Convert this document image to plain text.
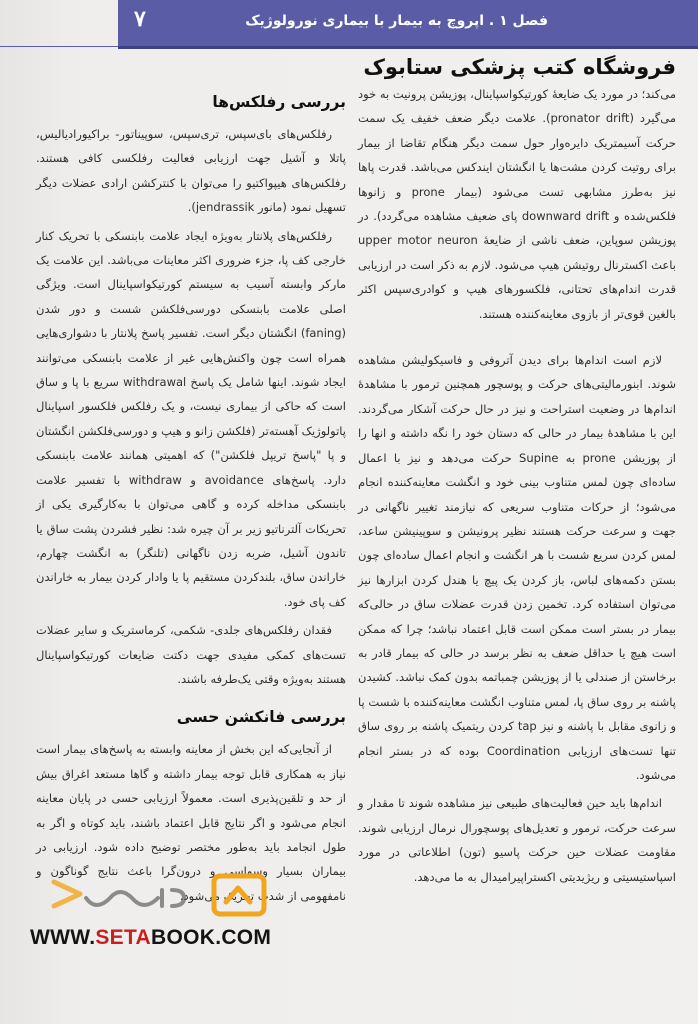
فصل ۱ . اپروچ به بیمار با بیماری نورولوژیک
۷
فروشگاه کتب پزشکی ستابوک

می‌کند؛ در مورد یک ضایعهٔ کورتیکواسپاینال، پوزیشن پرونیت به خود می‌گیرد (pronator drift). علامت دیگر ضعف خفیف یک سمت حرکت آسیمتریک دایره‌وار حول سمت دیگر هنگام تقاضا از بیمار برای روتیت کردن مشت‌ها یا انگشتان ایندکس می‌باشد. قدرت پاها نیز به‌طرز مشابهی تست می‌شود (بیمار prone و زانوها فلکس‌شده و downward drift پای ضعیف مشاهده می‌گردد). در پوزیشن سوپاین، ضعف ناشی از ضایعهٔ upper motor neuron باعث اکسترنال روتیشن هیپ می‌شود. لازم به ذکر است در ارزیابی قدرت اندام‌های تحتانی، فلکسورهای هیپ و کوادری‌سپس اکثر بالغین قوی‌تر از بازوی معاینه‌کننده هستند.

لازم است اندام‌ها برای دیدن آتروفی و فاسیکولیشن مشاهده شوند. ابنورمالیتی‌های حرکت و پوسچور همچنین ترمور با مشاهدهٔ اندام‌ها در وضعیت استراحت و نیز در حال حرکت آشکار می‌گردند. این با مشاهدهٔ بیمار در حالی که دستان خود را نگه داشته و انها را از پوزیشن prone به Supine حرکت می‌دهد و نیز با اعمال ساده‌ای چون لمس متناوب بینی خود و انگشت معاینه‌کننده انجام می‌شود؛ از حرکات متناوب سریعی که نیازمند تغییر ناگهانی در جهت و سرعت حرکت هستند نظیر پرونیشن و سوپینیشن ساعد، لمس کردن سریع شست با هر انگشت و انجام اعمال ساده‌ای چون بستن دکمه‌های لباس، باز کردن یک پیچ یا هندل کردن ابزارها نیز می‌توان استفاده کرد. تخمین زدن قدرت عضلات ساق در حالی‌که بیمار در بستر است ممکن است قابل اعتماد نباشد؛ چرا که ممکن است هیچ یا حداقل ضعف به نظر برسد در حالی که بیمار قادر به برخاستن از صندلی یا از پوزیشن چمباتمه بدون کمک نباشد. کشیدن پاشنه بر روی ساق پا، لمس متناوب انگشت معاینه‌کننده با شست پا و زانوی مقابل با پاشنه و نیز tap کردن ریتمیک پاشنه بر روی ساق تنها تست‌های ارزیابی Coordination بوده که در بستر انجام می‌شود.

اندام‌ها باید حین فعالیت‌های طبیعی نیز مشاهده شوند تا مقدار و سرعت حرکت، ترمور و تعدیل‌های پوسچورال نرمال ارزیابی شوند. مقاومت عضلات حین حرکت پاسیو (تون) اطلاعاتی در مورد اسپاستیسیتی و ریژیدیتی اکستراپیرامیدال به ما می‌دهد.

بررسی رفلکس‌ها

رفلکس‌های بای‌سپس، تری‌سپس، سوپیناتور- براکیورادیالیس، پاتلا و آشیل جهت ارزیابی فعالیت رفلکسی کافی هستند. رفلکس‌های هیپواکتیو را می‌توان با کنترکشن ارادی عضلات دیگر تسهیل نمود (مانور jendrassik).

رفلکس‌های پلانتار به‌ویژه ایجاد علامت بابنسکی با تحریک کنار خارجی کف پا، جزء ضروری اکثر معاینات می‌باشد. این علامت یک مارکر وابسته آسیب به سیستم کورتیکواسپاینال است. ویژگی اصلی علامت بابنسکی دورسی‌فلکشن شست و دور شدن (faning) انگشتان دیگر است. تفسیر پاسخ پلانتار با دشواری‌هایی همراه است چون واکنش‌هایی غیر از علامت بابنسکی می‌توانند ایجاد شوند. اینها شامل یک پاسخ withdrawal سریع با پا و ساق است که حاکی از بیماری نیست، و یک رفلکس فلکسور اسپاینال پاتولوژیک آهسته‌تر (فلکشن زانو و هیپ و دورسی‌فلکشن انگشتان و پا "پاسخ تریپل فلکشن") که اهمیتی همانند علامت بابنسکی دارد. پاسخ‌های avoidance و withdraw با تفسیر علامت بابنسکی مداخله کرده و گاهی می‌توان با به‌کارگیری یکی از تحریکات آلترناتیو زیر بر آن چیره شد: نظیر فشردن پشت ساق یا تاندون آشیل، ضربه زدن ناگهانی (تلنگر) به انگشت چهارم، خاراندن ساق، بلندکردن مستقیم پا یا وادار کردن بیمار به خاراندن کف پای خود.

فقدان رفلکس‌های جلدی- شکمی، کرماستریک و سایر عضلات تست‌های کمکی مفیدی جهت دکتت ضایعات کورتیکواسپاینال هستند به‌ویژه وقتی یک‌طرفه باشند.

بررسی فانکشن حسی

از آنجایی‌که این بخش از معاینه وابسته به پاسخ‌های بیمار است نیاز به همکاری قابل توجه بیمار داشته و گاها مستعد اغراق بیش از حد و تلقین‌پذیری است. معمولاً ارزیابی حسی در پایان معاینه انجام می‌شود و اگر نتایج قابل اعتماد باشند، باید کوتاه و اگر به طول انجامد باید به‌طور مختصر توضیح داده شود. ارزیابی در بیماران بسیار وسواسی و درون‌گرا باعث نتایج گوناگون و نامفهومی از شدت تحریک می‌شود.

WWW.SETABOOK.COM
